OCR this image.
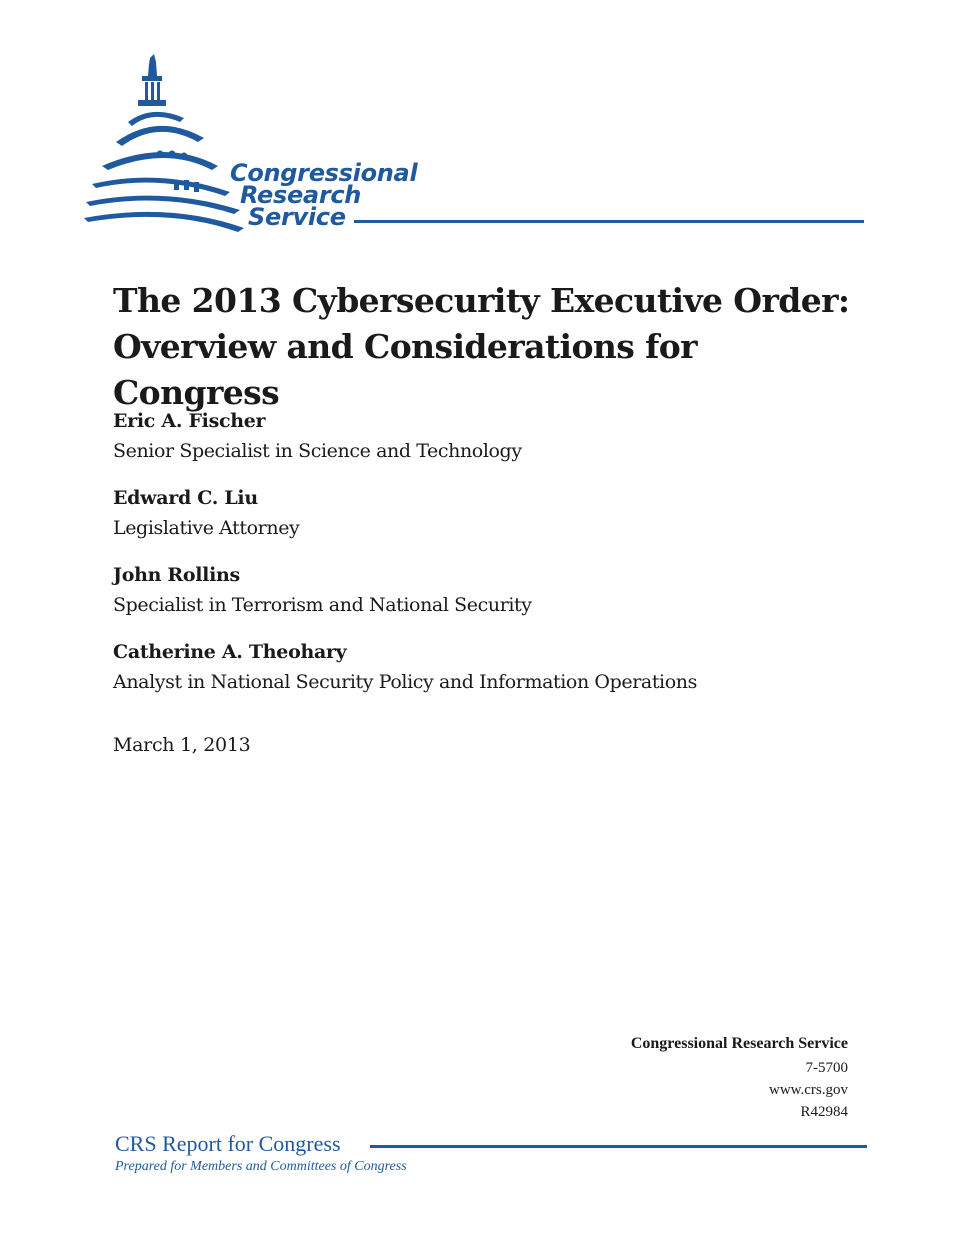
Congressional
Research
Service
The 2013 Cybersecurity Executive Order:
Overview and Considerations for Congress
Eric A. Fischer
Senior Specialist in Science and Technology
Edward C. Liu
Legislative Attorney
John Rollins
Specialist in Terrorism and National Security
Catherine A. Theohary
Analyst in National Security Policy and Information Operations
March 1, 2013
Congressional Research Service
7-5700
www.crs.gov
R42984
CRS Report for Congress
Prepared for Members and Committees of Congress
